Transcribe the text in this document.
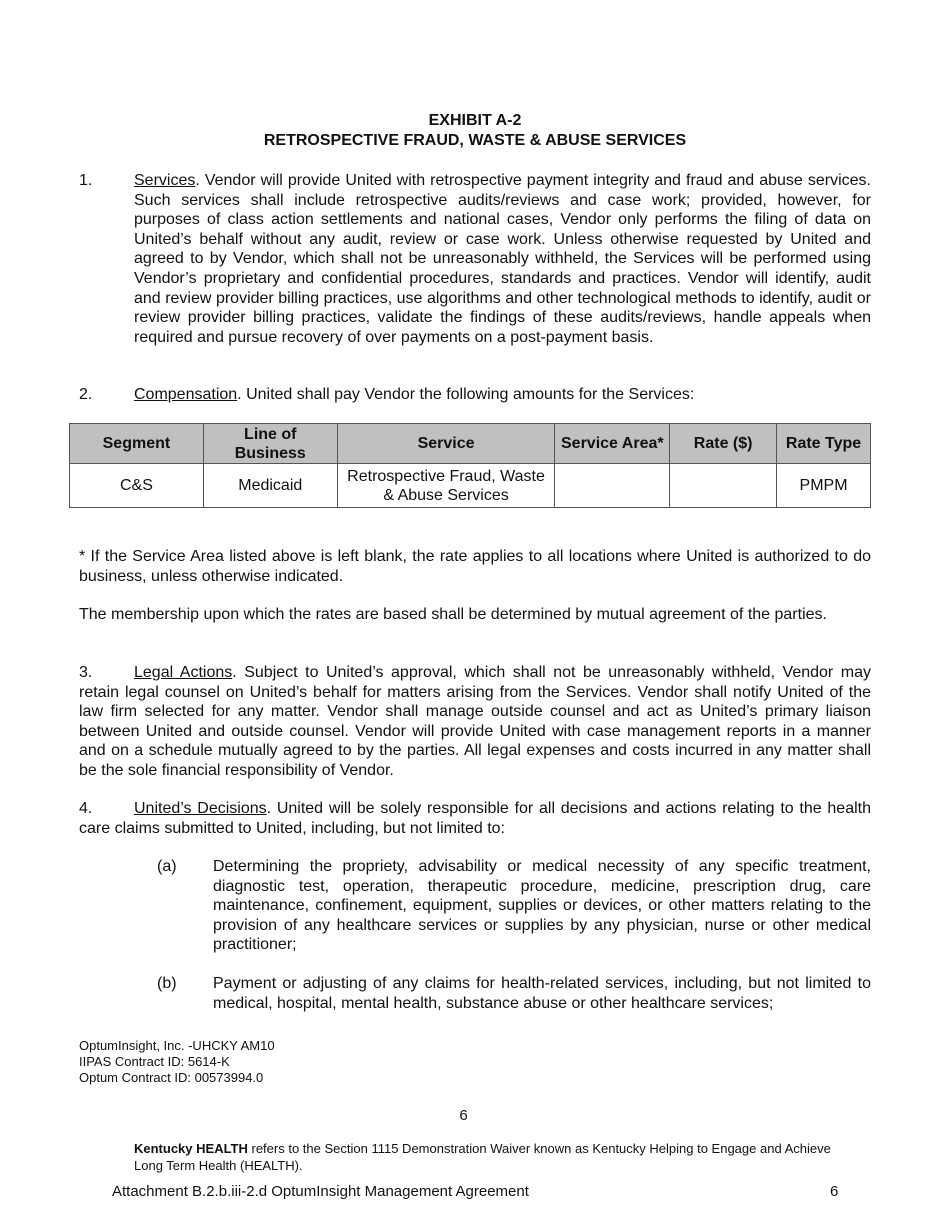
EXHIBIT A-2
RETROSPECTIVE FRAUD, WASTE & ABUSE SERVICES
1.	Services. Vendor will provide United with retrospective payment integrity and fraud and abuse services. Such services shall include retrospective audits/reviews and case work; provided, however, for purposes of class action settlements and national cases, Vendor only performs the filing of data on United’s behalf without any audit, review or case work. Unless otherwise requested by United and agreed to by Vendor, which shall not be unreasonably withheld, the Services will be performed using Vendor’s proprietary and confidential procedures, standards and practices. Vendor will identify, audit and review provider billing practices, use algorithms and other technological methods to identify, audit or review provider billing practices, validate the findings of these audits/reviews, handle appeals when required and pursue recovery of over payments on a post-payment basis.
2.	Compensation. United shall pay Vendor the following amounts for the Services:
Segment	Line of Business	Service	Service Area*	Rate ($)	Rate Type
C&S	Medicaid	Retrospective Fraud, Waste & Abuse Services			PMPM
* If the Service Area listed above is left blank, the rate applies to all locations where United is authorized to do business, unless otherwise indicated.
The membership upon which the rates are based shall be determined by mutual agreement of the parties.
3.	Legal Actions. Subject to United’s approval, which shall not be unreasonably withheld, Vendor may retain legal counsel on United’s behalf for matters arising from the Services. Vendor shall notify United of the law firm selected for any matter. Vendor shall manage outside counsel and act as United’s primary liaison between United and outside counsel. Vendor will provide United with case management reports in a manner and on a schedule mutually agreed to by the parties. All legal expenses and costs incurred in any matter shall be the sole financial responsibility of Vendor.
4.	United’s Decisions. United will be solely responsible for all decisions and actions relating to the health care claims submitted to United, including, but not limited to:
(a) Determining the propriety, advisability or medical necessity of any specific treatment, diagnostic test, operation, therapeutic procedure, medicine, prescription drug, care maintenance, confinement, equipment, supplies or devices, or other matters relating to the provision of any healthcare services or supplies by any physician, nurse or other medical practitioner;
(b) Payment or adjusting of any claims for health-related services, including, but not limited to medical, hospital, mental health, substance abuse or other healthcare services;
OptumInsight, Inc. -UHCKY AM10
IIPAS Contract ID: 5614-K
Optum Contract ID: 00573994.0
6
Kentucky HEALTH refers to the Section 1115 Demonstration Waiver known as Kentucky Helping to Engage and Achieve Long Term Health (HEALTH).
Attachment B.2.b.iii-2.d OptumInsight Management Agreement	6
